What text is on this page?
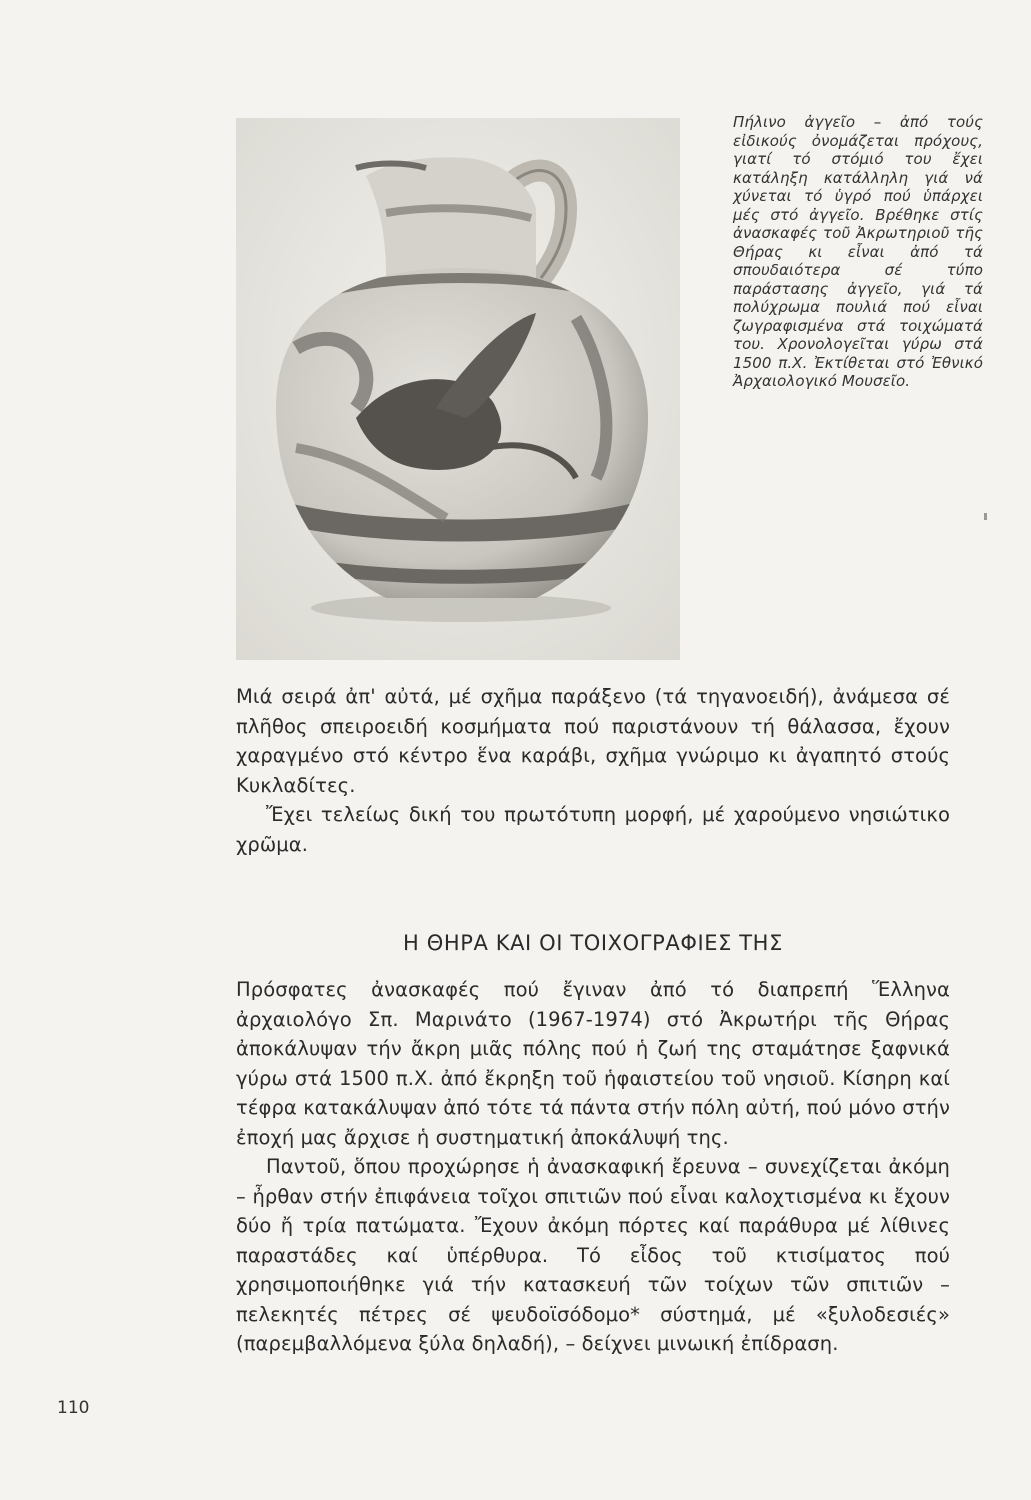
Πήλινο ἀγγεῖο – ἀπό τούς εἰδικούς ὀνομάζεται πρόχους, γιατί τό στόμιό του ἔχει κατάληξη κατάλληλη γιά νά χύνεται τό ὑγρό πού ὑπάρχει μές στό ἀγγεῖο. Βρέθηκε στίς ἀνασκαφές τοῦ Ἀκρωτηριοῦ τῆς Θήρας κι εἶναι ἀπό τά σπουδαιότερα σέ τύπο παράστασης ἀγγεῖο, γιά τά πολύχρωμα πουλιά πού εἶναι ζωγραφισμένα στά τοιχώματά του. Χρονολογεῖται γύρω στά 1500 π.Χ. Ἐκτίθεται στό Ἐθνικό Ἀρχαιολογικό Μουσεῖο.

Μιά σειρά ἀπ' αὐτά, μέ σχῆμα παράξενο (τά τηγανοειδή), ἀνάμεσα σέ πλῆθος σπειροειδή κοσμήματα πού παριστάνουν τή θάλασσα, ἔχουν χαραγμένο στό κέντρο ἕνα καράβι, σχῆμα γνώριμο κι ἀγαπητό στούς Κυκλαδίτες.

Ἔχει τελείως δική του πρωτότυπη μορφή, μέ χαρούμενο νησιώτικο χρῶμα.

Η ΘΗΡΑ ΚΑΙ ΟΙ ΤΟΙΧΟΓΡΑΦΙΕΣ ΤΗΣ

Πρόσφατες ἀνασκαφές πού ἔγιναν ἀπό τό διαπρεπή Ἕλληνα ἀρχαιολόγο Σπ. Μαρινάτο (1967-1974) στό Ἀκρωτήρι τῆς Θήρας ἀποκάλυψαν τήν ἄκρη μιᾶς πόλης πού ἡ ζωή της σταμάτησε ξαφνικά γύρω στά 1500 π.Χ. ἀπό ἔκρηξη τοῦ ἡφαιστείου τοῦ νησιοῦ. Κίσηρη καί τέφρα κατακάλυψαν ἀπό τότε τά πάντα στήν πόλη αὐτή, πού μόνο στήν ἐποχή μας ἄρχισε ἡ συστηματική ἀποκάλυψή της.

Παντοῦ, ὅπου προχώρησε ἡ ἀνασκαφική ἔρευνα – συνεχίζεται ἀκόμη – ἦρθαν στήν ἐπιφάνεια τοῖχοι σπιτιῶν πού εἶναι καλοχτισμένα κι ἔχουν δύο ἤ τρία πατώματα. Ἔχουν ἀκόμη πόρτες καί παράθυρα μέ λίθινες παραστάδες καί ὑπέρθυρα. Τό εἶδος τοῦ κτισίματος πού χρησιμοποιήθηκε γιά τήν κατασκευή τῶν τοίχων τῶν σπιτιῶν – πελεκητές πέτρες σέ ψευδοϊσόδομο* σύστημά, μέ «ξυλοδεσιές» (παρεμβαλλόμενα ξύλα δηλαδή), – δείχνει μινωική ἐπίδραση.

110
